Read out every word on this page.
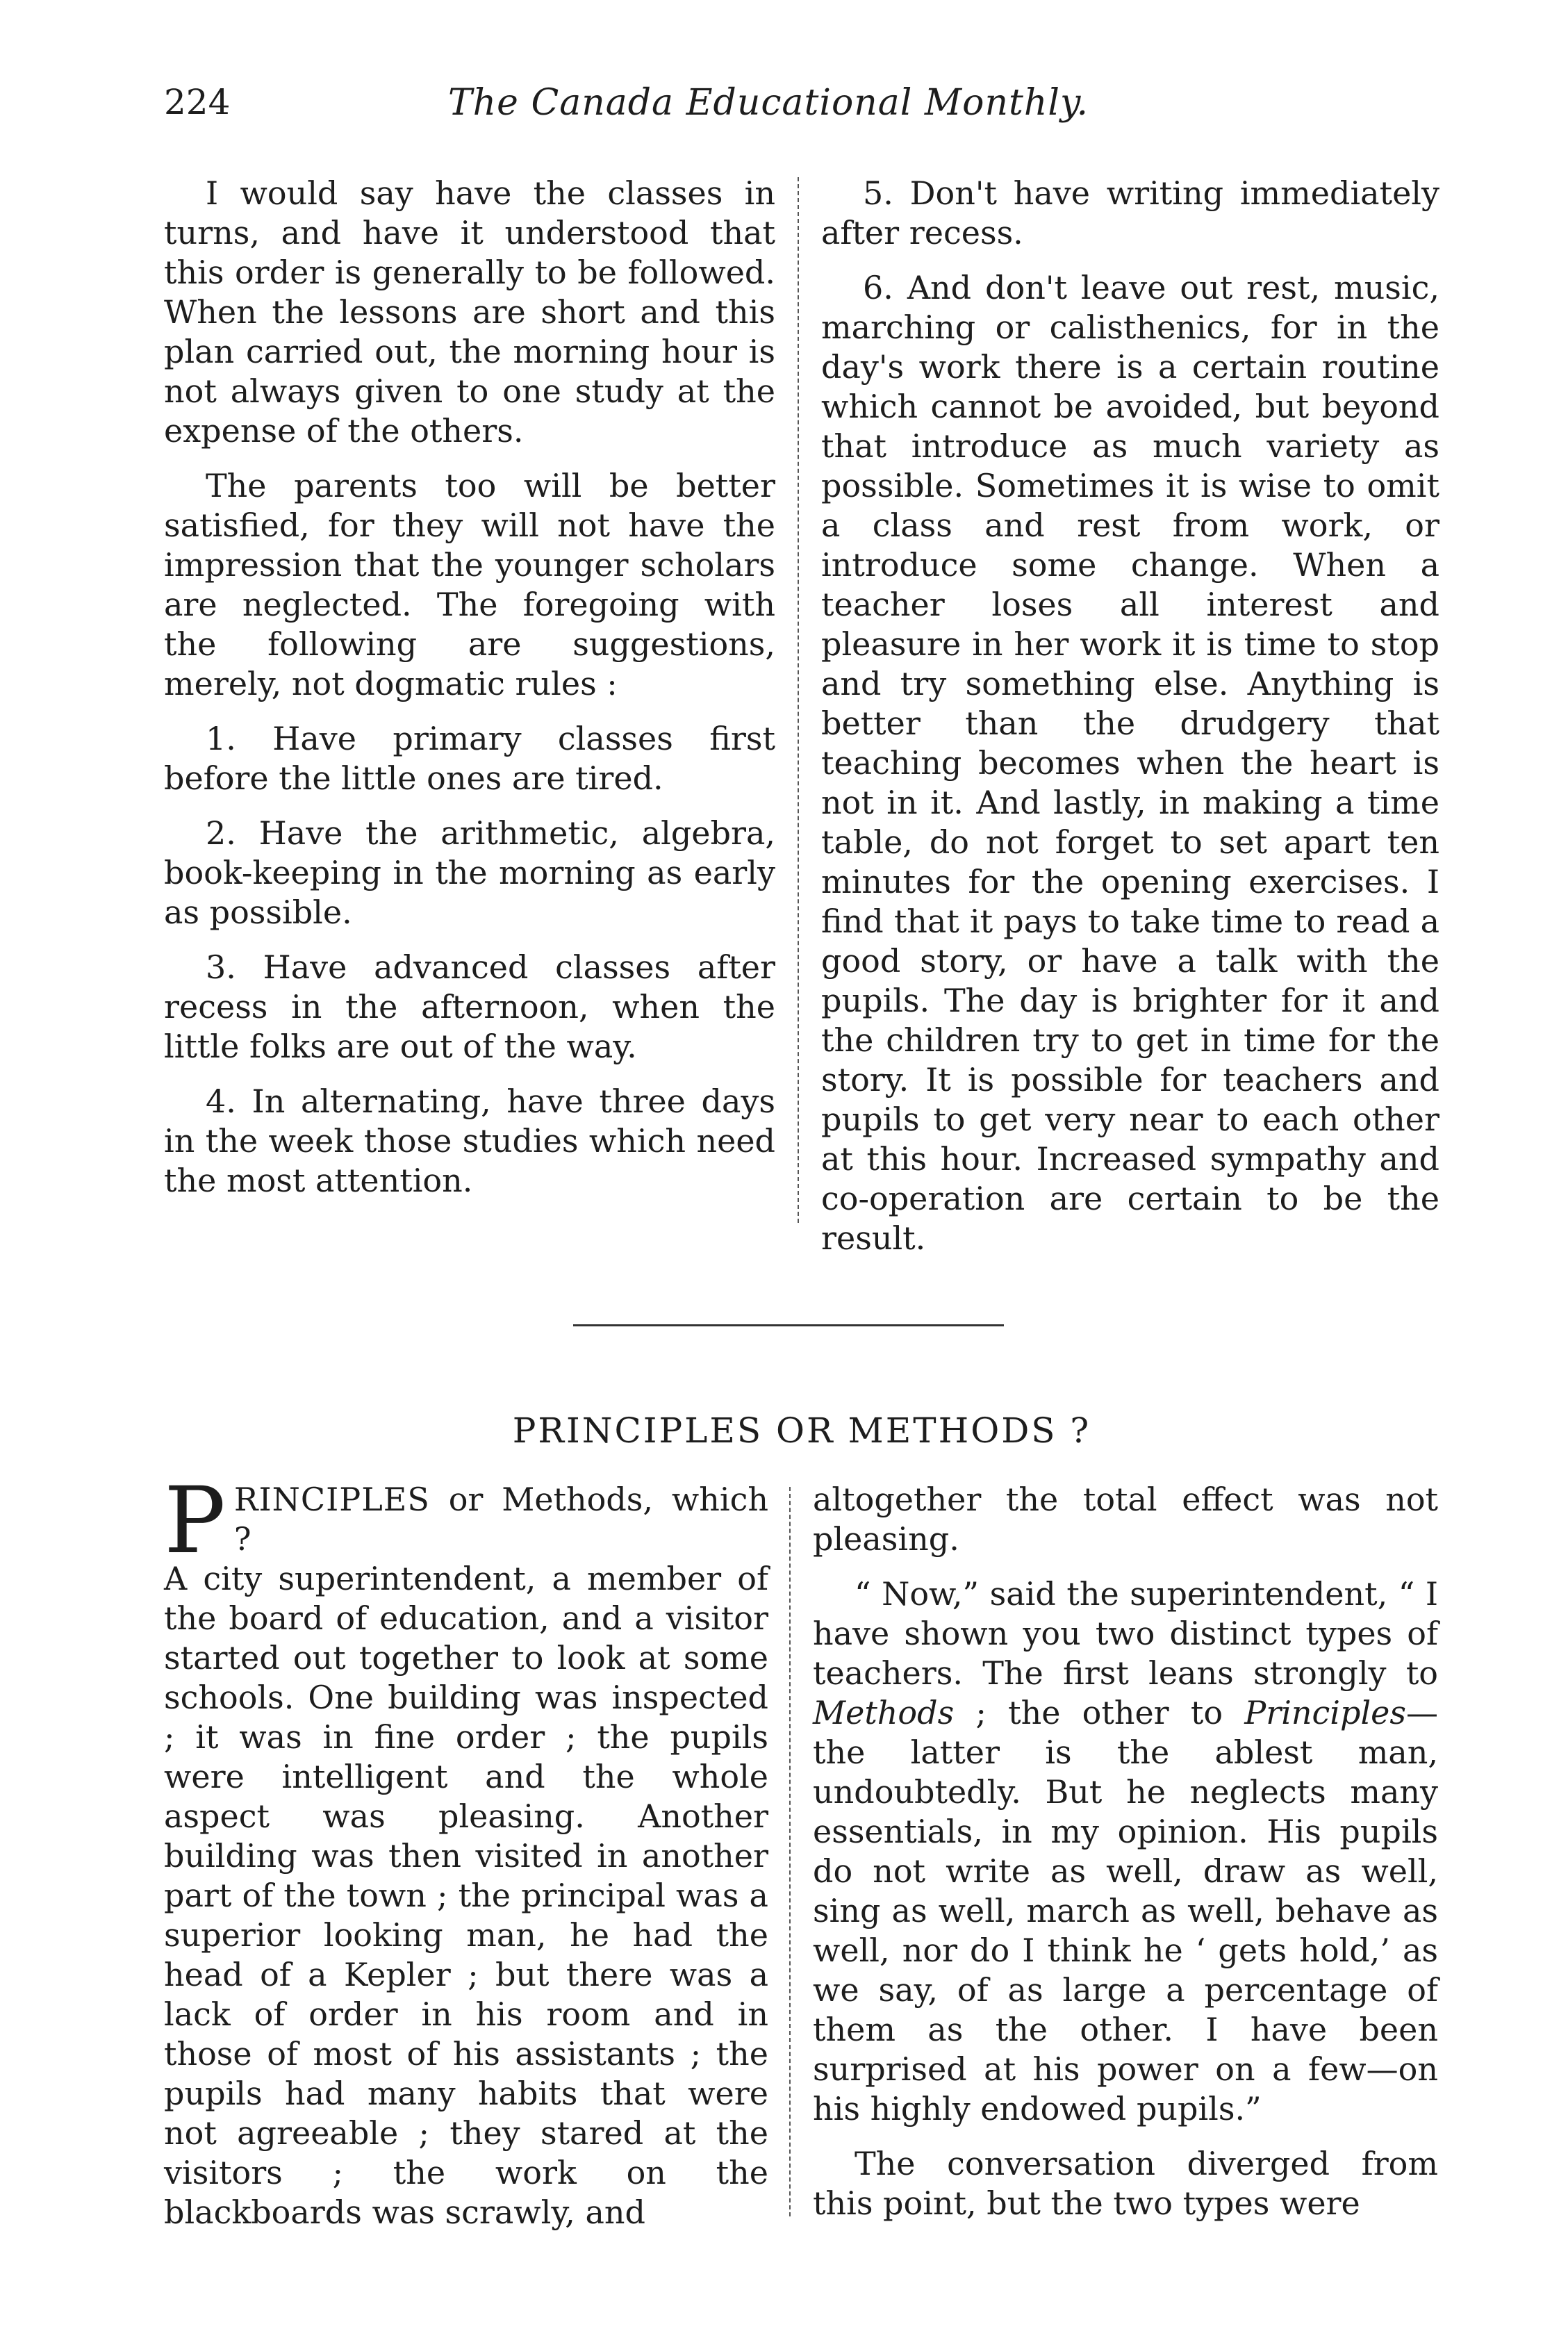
224	The Canada Educational Monthly.

I would say have the classes in turns, and have it understood that this order is generally to be followed. When the lessons are short and this plan carried out, the morning hour is not always given to one study at the expense of the others.

The parents too will be better satisfied, for they will not have the impression that the younger scholars are neglected. The foregoing with the following are suggestions, merely, not dogmatic rules :

1. Have primary classes first before the little ones are tired.

2. Have the arithmetic, algebra, book-keeping in the morning as early as possible.

3. Have advanced classes after recess in the afternoon, when the little folks are out of the way.

4. In alternating, have three days in the week those studies which need the most attention.

5. Don't have writing immediately after recess.

6. And don't leave out rest, music, marching or calisthenics, for in the day's work there is a certain routine which cannot be avoided, but beyond that introduce as much variety as possible. Sometimes it is wise to omit a class and rest from work, or introduce some change. When a teacher loses all interest and pleasure in her work it is time to stop and try something else. Anything is better than the drudgery that teaching becomes when the heart is not in it. And lastly, in making a time table, do not forget to set apart ten minutes for the opening exercises. I find that it pays to take time to read a good story, or have a talk with the pupils. The day is brighter for it and the children try to get in time for the story. It is possible for teachers and pupils to get very near to each other at this hour. Increased sympathy and co-operation are certain to be the result.

PRINCIPLES OR METHODS ?

PRINCIPLES or Methods, which ?
A city superintendent, a member of the board of education, and a visitor started out together to look at some schools. One building was inspected ; it was in fine order ; the pupils were intelligent and the whole aspect was pleasing. Another building was then visited in another part of the town ; the principal was a superior looking man, he had the head of a Kepler ; but there was a lack of order in his room and in those of most of his assistants ; the pupils had many habits that were not agreeable ; they stared at the visitors ; the work on the blackboards was scrawly, and

altogether the total effect was not pleasing.

“ Now,” said the superintendent, “ I have shown you two distinct types of teachers. The first leans strongly to Methods ; the other to Principles— the latter is the ablest man, undoubtedly. But he neglects many essentials, in my opinion. His pupils do not write as well, draw as well, sing as well, march as well, behave as well, nor do I think he ‘ gets hold,’ as we say, of as large a percentage of them as the other. I have been surprised at his power on a few—on his highly endowed pupils.”

The conversation diverged from this point, but the two types were
